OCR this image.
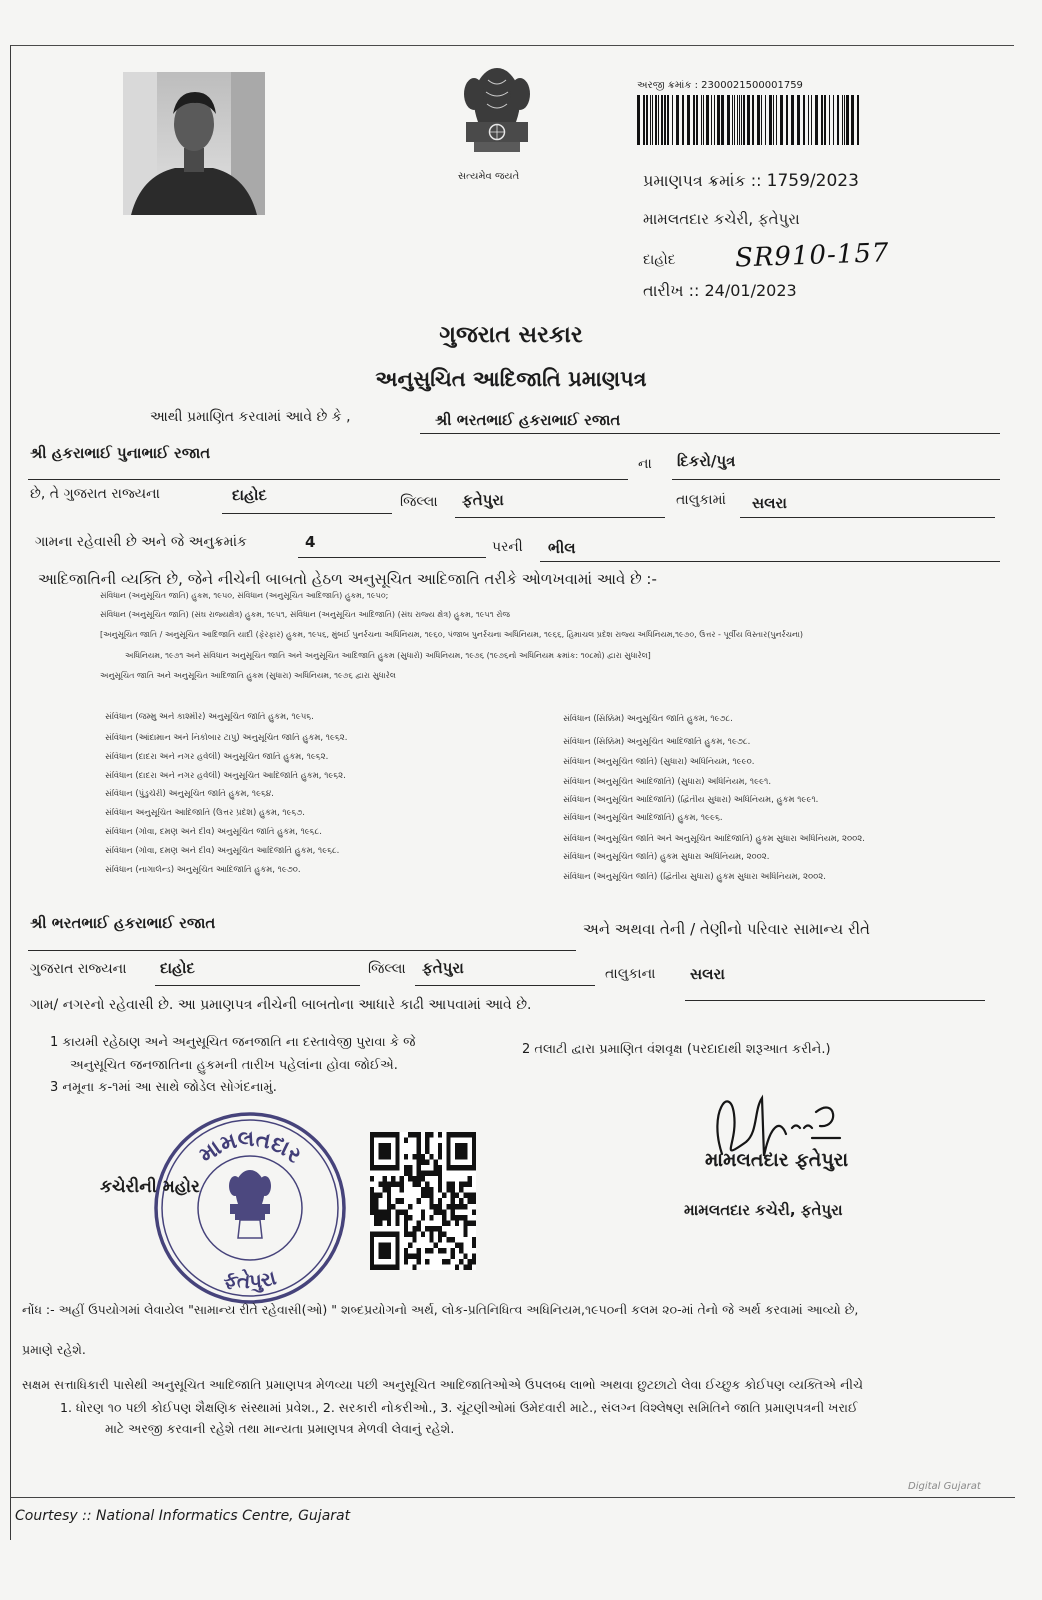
સત્યમેવ જયતે
અરજી ક્રમાંક : 2300021500001759
પ્રમાણપત્ર ક્રમાંક :: 1759/2023
મામલતદાર કચેરી, ફતેપુરા
દાહોદ	SR910-157
તારીખ :: 24/01/2023
ગુજરાત સરકાર
અનુસુચિત આદિજાતિ પ્રમાણપત્ર
આથી પ્રમાણિત કરવામાં આવે છે કે ,	શ્રી ભરતભાઈ હકરાભાઈ રજાત
શ્રી હકરાભાઈ પુનાભાઈ રજાત
ના	દિકરો/પુત્ર
છે, તે ગુજરાત રાજ્યના	દાહોદ	જિલ્લા	ફતેપુરા	તાલુકામાં	સલરા
ગામના રહેવાસી છે અને જે અનુક્રમાંક	4	પરની	ભીલ
આદિજાતિની વ્યક્તિ છે, જેને નીચેની બાબતો હેઠળ અનુસૂચિત આદિજાતિ તરીકે ઓળખવામાં આવે છે :-
સંવિધાન (અનુસૂચિત જાતિ) હુકમ, ૧૯૫૦, સંવિધાન (અનુસૂચિત આદિજાતિ) હુકમ, ૧૯૫૦;
સંવિધાન (અનુસૂચિત જાતિ) (સંઘ રાજ્યક્ષેત્ર) હુકમ, ૧૯૫૧, સંવિધાન (અનુસૂચિત આદિજાતિ) (સંઘ રાજ્ય ક્ષેત્ર) હુકમ, ૧૯૫૧ રોજ
[અનુસૂચિત જાતિ / અનુસૂચિત આદિજાતિ યાદી (ફેરફાર) હુકમ, ૧૯૫૬, મુંબઈ પુનર્રચના અધિનિયમ, ૧૯૬૦, પંજાબ પુનર્રચના અધિનિયમ, ૧૯૬૬, હિમાચલ પ્રદેશ રાજ્ય અધિનિયમ,૧૯૭૦, ઉત્તર - પૂર્વીય વિસ્તાર(પુનર્રચના)
અધિનિયમ, ૧૯૭૧ અને સંવિધાન અનુસૂચિત જાતિ અને અનુસૂચિત આદિજાતિ હુકમ (સુધારો) અધિનિયમ, ૧૯૭૬ (૧૯૭૬નો અધિનિયમ ક્રમાંક: ૧૦૮મો) દ્વારા સુધારેલ]
અનુસૂચિત જાતિ અને અનુસૂચિત આદિજાતિ હુકમ (સુધારા) અધિનિયમ, ૧૯૭૬ દ્વારા સુધારેલ
સંવિધાન (જમ્મુ અને કાશ્મીર) અનુસૂચિત જાતિ હુકમ, ૧૯૫૬.
સંવિધાન (આંદામાન અને નિકોબાર ટાપુ) અનુસૂચિત જાતિ હુકમ, ૧૯૬૨.
સંવિધાન (દાદરા અને નગર હવેલી) અનુસૂચિત જાતિ હુકમ, ૧૯૬૨.
સંવિધાન (દાદરા અને નગર હવેલી) અનુસૂચિત આદિજાતિ હુકમ, ૧૯૬૨.
સંવિધાન (પુંડુચેરી) અનુસૂચિત જાતિ હુકમ, ૧૯૬૪.
સંવિધાન અનુસૂચિત આદિજાતિ (ઉત્તર પ્રદેશ) હુકમ, ૧૯૬૭.
સંવિધાન (ગોવા, દમણ અને દીવ) અનુસૂચિત જાતિ હુકમ, ૧૯૬૮.
સંવિધાન (ગોવા, દમણ અને દીવ) અનુસૂચિત આદિજાતિ હુકમ, ૧૯૬૮.
સંવિધાન (નાગાલેન્ડ) અનુસૂચિત આદિજાતિ હુકમ, ૧૯૭૦.
સંવિધાન (સિક્કિમ) અનુસૂચિત જાતિ હુકમ, ૧૯૭૮.
સંવિધાન (સિક્કિમ) અનુસૂચિત આદિજાતિ હુકમ, ૧૯૭૮.
સંવિધાન (અનુસૂચિત જાતિ) (સુધારા) અધિનિયમ, ૧૯૯૦.
સંવિધાન (અનુસૂચિત આદિજાતિ) (સુધારા) અધિનિયમ, ૧૯૯૧.
સંવિધાન (અનુસૂચિત આદિજાતિ) (દ્વિતીય સુધારા) અધિનિયમ, હુકમ ૧૯૯૧.
સંવિધાન (અનુસૂચિત આદિજાતિ) હુકમ, ૧૯૯૬.
સંવિધાન (અનુસૂચિત જાતિ અને અનુસૂચિત આદિજાતિ) હુકમ સુધારા અધિનિયમ, ૨૦૦૨.
સંવિધાન (અનુસૂચિત જાતિ) હુકમ સુધારા અધિનિયમ, ૨૦૦૨.
સંવિધાન (અનુસૂચિત જાતિ) (દ્વિતીય સુધારા) હુકમ સુધારા અધિનિયમ, ૨૦૦૨.
શ્રી ભરતભાઈ હકરાભાઈ રજાત	અને અથવા તેની / તેણીનો પરિવાર સામાન્ય રીતે
ગુજરાત રાજ્યના	દાહોદ	જિલ્લા	ફતેપુરા	તાલુકાના	સલરા
ગામ/ નગરનો રહેવાસી છે. આ પ્રમાણપત્ર નીચેની બાબતોના આધારે કાઢી આપવામાં આવે છે.
1 કાયમી રહેઠાણ અને અનુસૂચિત જનજાતિ ના દસ્તાવેજી પુરાવા કે જે
અનુસૂચિત જનજાતિના હુકમની તારીખ પહેલાંના હોવા જોઈએ.
2 તલાટી દ્વારા પ્રમાણિત વંશવૃક્ષ (પરદાદાથી શરૂઆત કરીને.)
3 નમૂના ક-૧માં આ સાથે જોડેલ સોગંદનામું.
મામલતદાર
ફતેપુરા
કચેરીની મહોર
મામલતદાર ફતેપુરા
મામલતદાર કચેરી, ફતેપુરા
નોંધ :- અહીં ઉપયોગમાં લેવાયેલ "સામાન્ય રીતે રહેવાસી(ઓ) " શબ્દપ્રયોગનો અર્થ, લોક-પ્રતિનિધિત્વ અધિનિયમ,૧૯૫૦ની કલમ ૨૦-માં તેનો જે અર્થ કરવામાં આવ્યો છે,
પ્રમાણે રહેશે.
સક્ષમ સત્તાધિકારી પાસેથી અનુસૂચિત આદિજાતિ પ્રમાણપત્ર મેળવ્યા પછી અનુસૂચિત આદિજાતિઓએ ઉપલબ્ધ લાભો અથવા છુટછાટો લેવા ઈચ્છુક કોઈપણ વ્યક્તિએ નીચે
1. ધોરણ ૧૦ પછી કોઈપણ શૈક્ષણિક સંસ્થામાં પ્રવેશ., 2. સરકારી નોકરીઓ., 3. ચૂંટણીઓમાં ઉમેદવારી માટે., સંલગ્ન વિશ્લેષણ સમિતિને જાતિ પ્રમાણપત્રની ખરાઈ
માટે અરજી કરવાની રહેશે તથા માન્યતા પ્રમાણપત્ર મેળવી લેવાનું રહેશે.
Digital Gujarat
Courtesy :: National Informatics Centre, Gujarat
